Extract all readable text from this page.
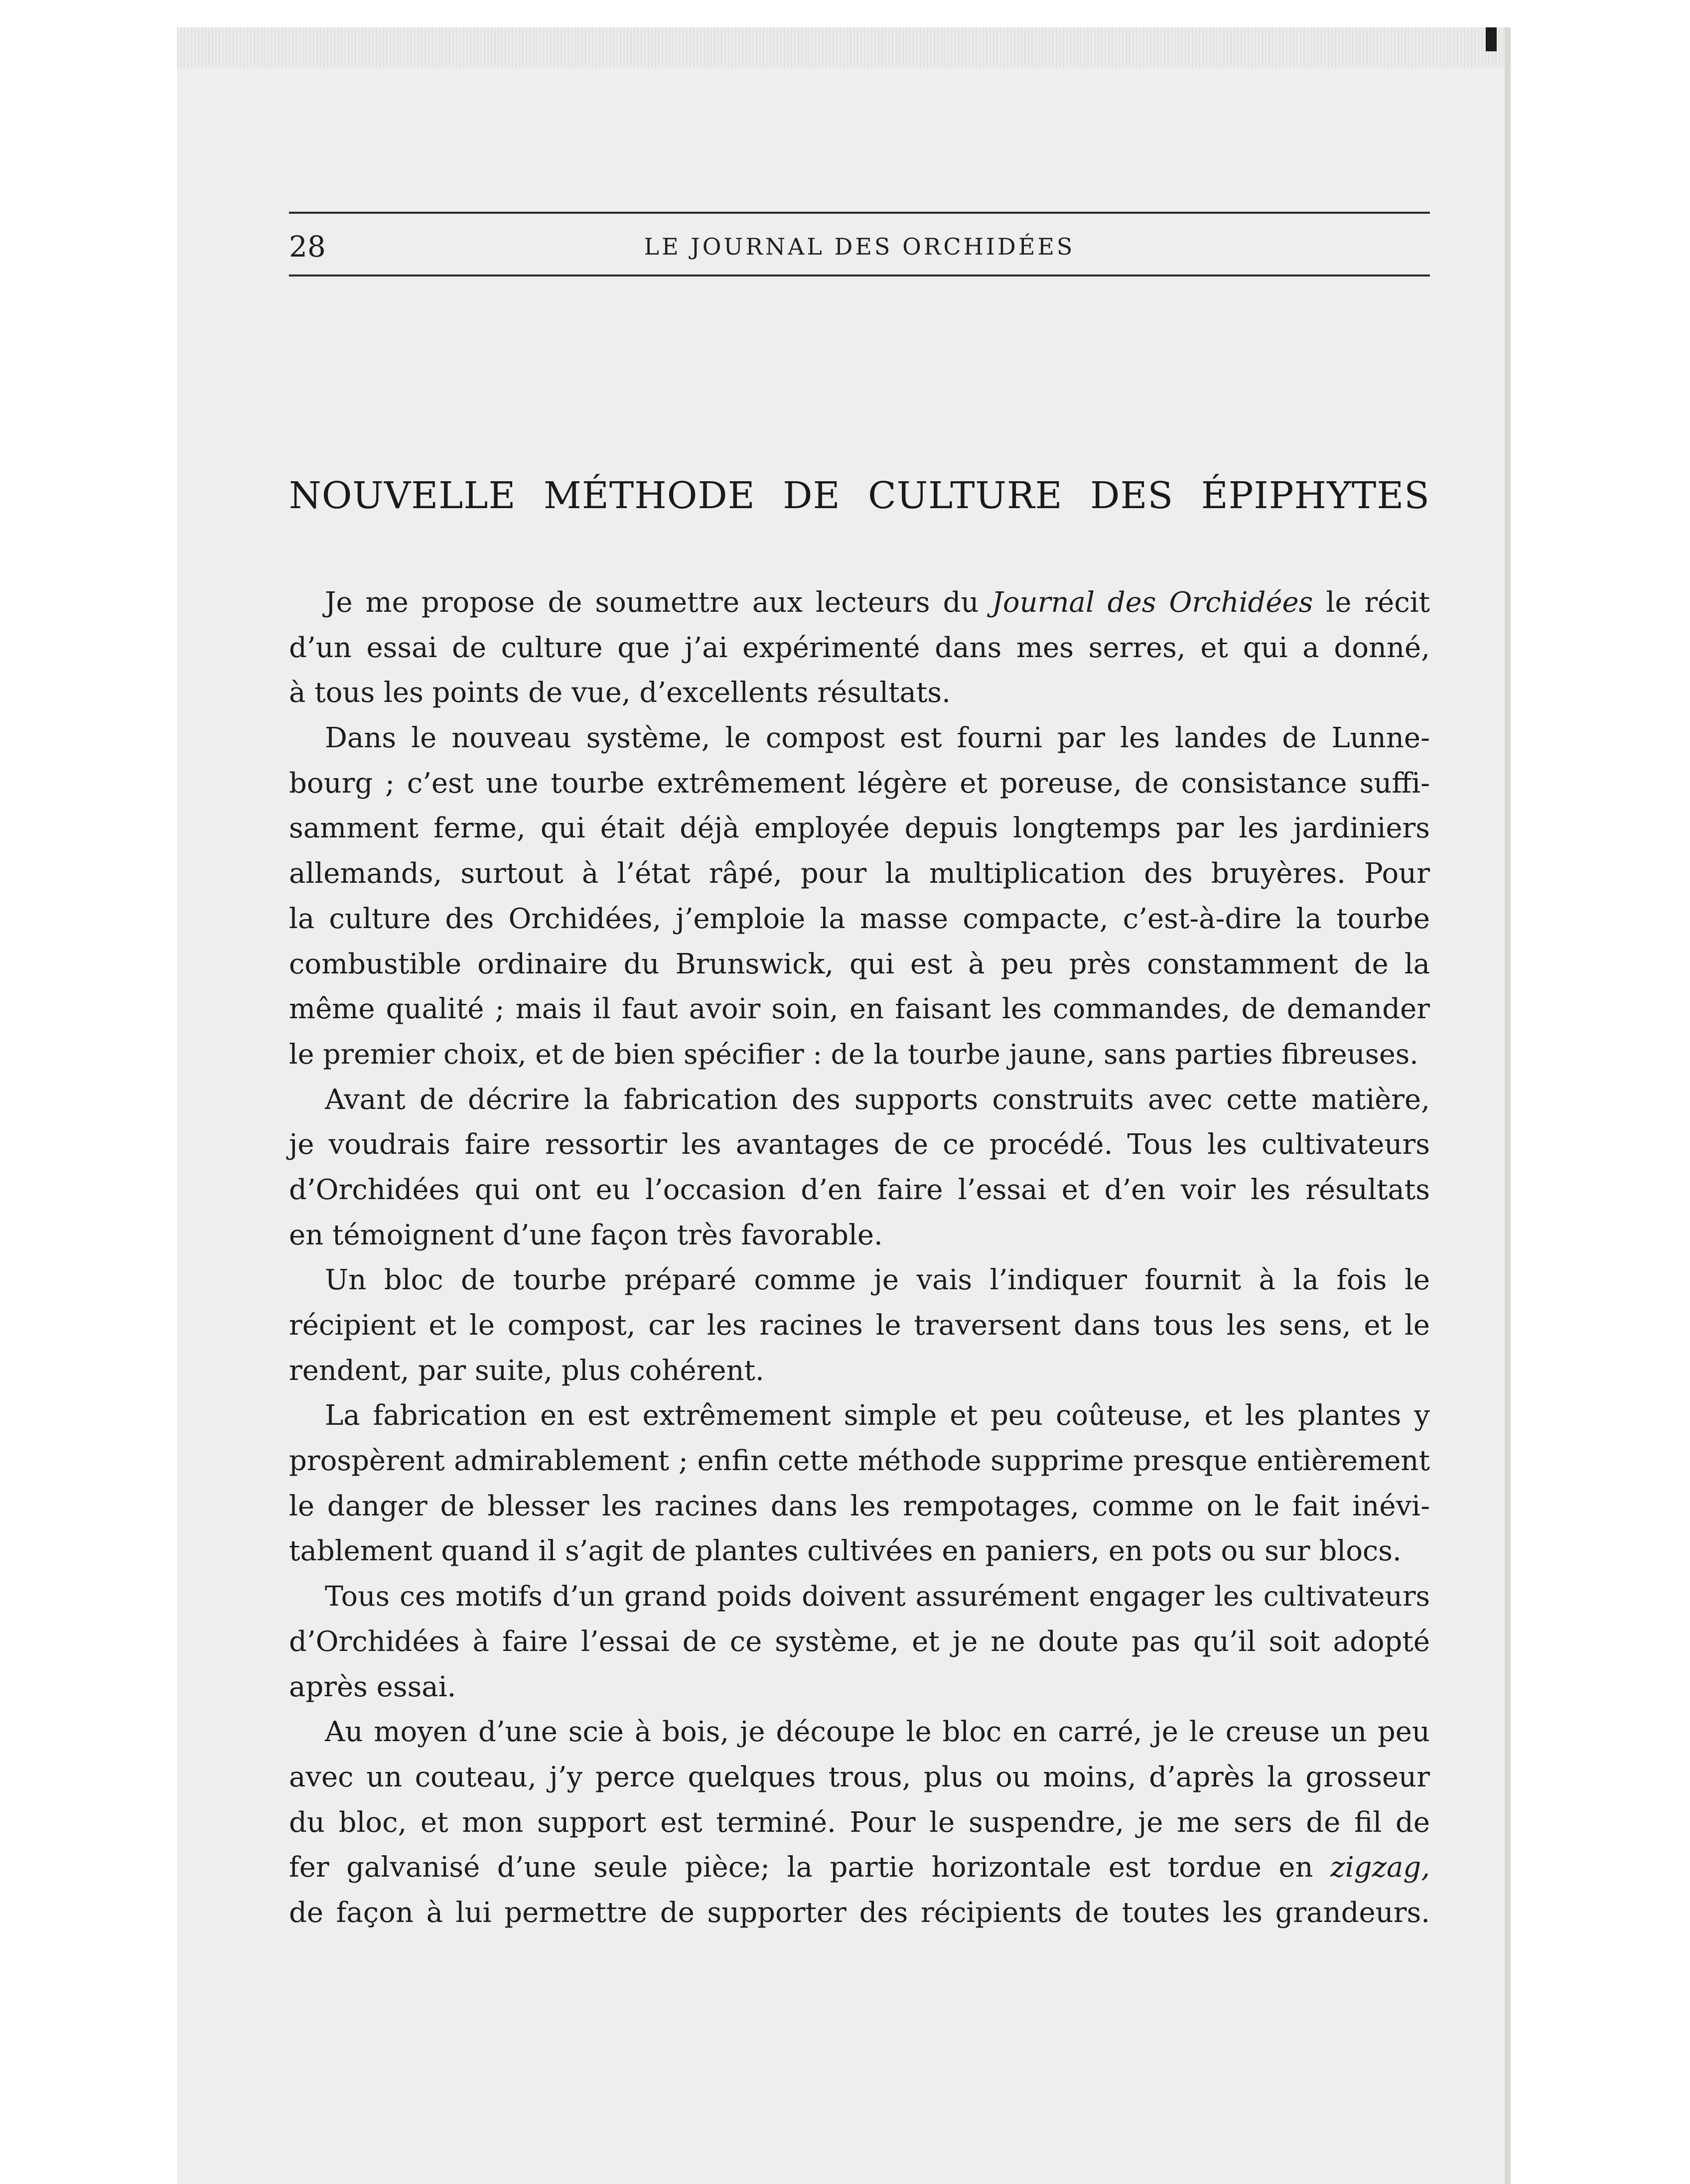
28	LE JOURNAL DES ORCHIDÉES
NOUVELLE MÉTHODE DE CULTURE DES ÉPIPHYTES
Je me propose de soumettre aux lecteurs du Journal des Orchidées le récit
d’un essai de culture que j’ai expérimenté dans mes serres, et qui a donné,
à tous les points de vue, d’excellents résultats.
Dans le nouveau système, le compost est fourni par les landes de Lunne-
bourg ; c’est une tourbe extrêmement légère et poreuse, de consistance suffi-
samment ferme, qui était déjà employée depuis longtemps par les jardiniers
allemands, surtout à l’état râpé, pour la multiplication des bruyères. Pour
la culture des Orchidées, j’emploie la masse compacte, c’est-à-dire la tourbe
combustible ordinaire du Brunswick, qui est à peu près constamment de la
même qualité ; mais il faut avoir soin, en faisant les commandes, de demander
le premier choix, et de bien spécifier : de la tourbe jaune, sans parties fibreuses.
Avant de décrire la fabrication des supports construits avec cette matière,
je voudrais faire ressortir les avantages de ce procédé. Tous les cultivateurs
d’Orchidées qui ont eu l’occasion d’en faire l’essai et d’en voir les résultats
en témoignent d’une façon très favorable.
Un bloc de tourbe préparé comme je vais l’indiquer fournit à la fois le
récipient et le compost, car les racines le traversent dans tous les sens, et le
rendent, par suite, plus cohérent.
La fabrication en est extrêmement simple et peu coûteuse, et les plantes y
prospèrent admirablement ; enfin cette méthode supprime presque entièrement
le danger de blesser les racines dans les rempotages, comme on le fait inévi-
tablement quand il s’agit de plantes cultivées en paniers, en pots ou sur blocs.
Tous ces motifs d’un grand poids doivent assurément engager les cultivateurs
d’Orchidées à faire l’essai de ce système, et je ne doute pas qu’il soit adopté
après essai.
Au moyen d’une scie à bois, je découpe le bloc en carré, je le creuse un peu
avec un couteau, j’y perce quelques trous, plus ou moins, d’après la grosseur
du bloc, et mon support est terminé. Pour le suspendre, je me sers de fil de
fer galvanisé d’une seule pièce; la partie horizontale est tordue en zigzag,
de façon à lui permettre de supporter des récipients de toutes les grandeurs.
